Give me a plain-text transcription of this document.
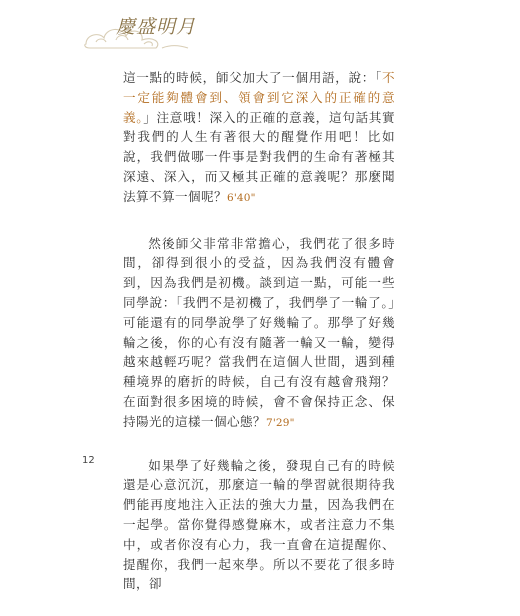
慶盛明月

這一點的時候，師父加大了一個用語，說：「不一定能夠體會到、領會到它深入的正確的意義。」注意哦！深入的正確的意義，這句話其實對我們的人生有著很大的醒覺作用吧！比如說，我們做哪一件事是對我們的生命有著極其深遠、深入，而又極其正確的意義呢？那麼聞法算不算一個呢？6'40"

然後師父非常非常擔心，我們花了很多時間，卻得到很小的受益，因為我們沒有體會到，因為我們是初機。談到這一點，可能一些同學說：「我們不是初機了，我們學了一輪了。」可能還有的同學說學了好幾輪了。那學了好幾輪之後，你的心有沒有隨著一輪又一輪，變得越來越輕巧呢？當我們在這個人世間，遇到種種境界的磨折的時候，自己有沒有越會飛翔？在面對很多困境的時候，會不會保持正念、保持陽光的這樣一個心態？7'29"

如果學了好幾輪之後，發現自己有的時候還是心意沉沉，那麼這一輪的學習就很期待我們能再度地注入正法的強大力量，因為我們在一起學。當你覺得感覺麻木，或者注意力不集中，或者你沒有心力，我一直會在這提醒你、提醒你，我們一起來學。所以不要花了很多時間，卻

12
